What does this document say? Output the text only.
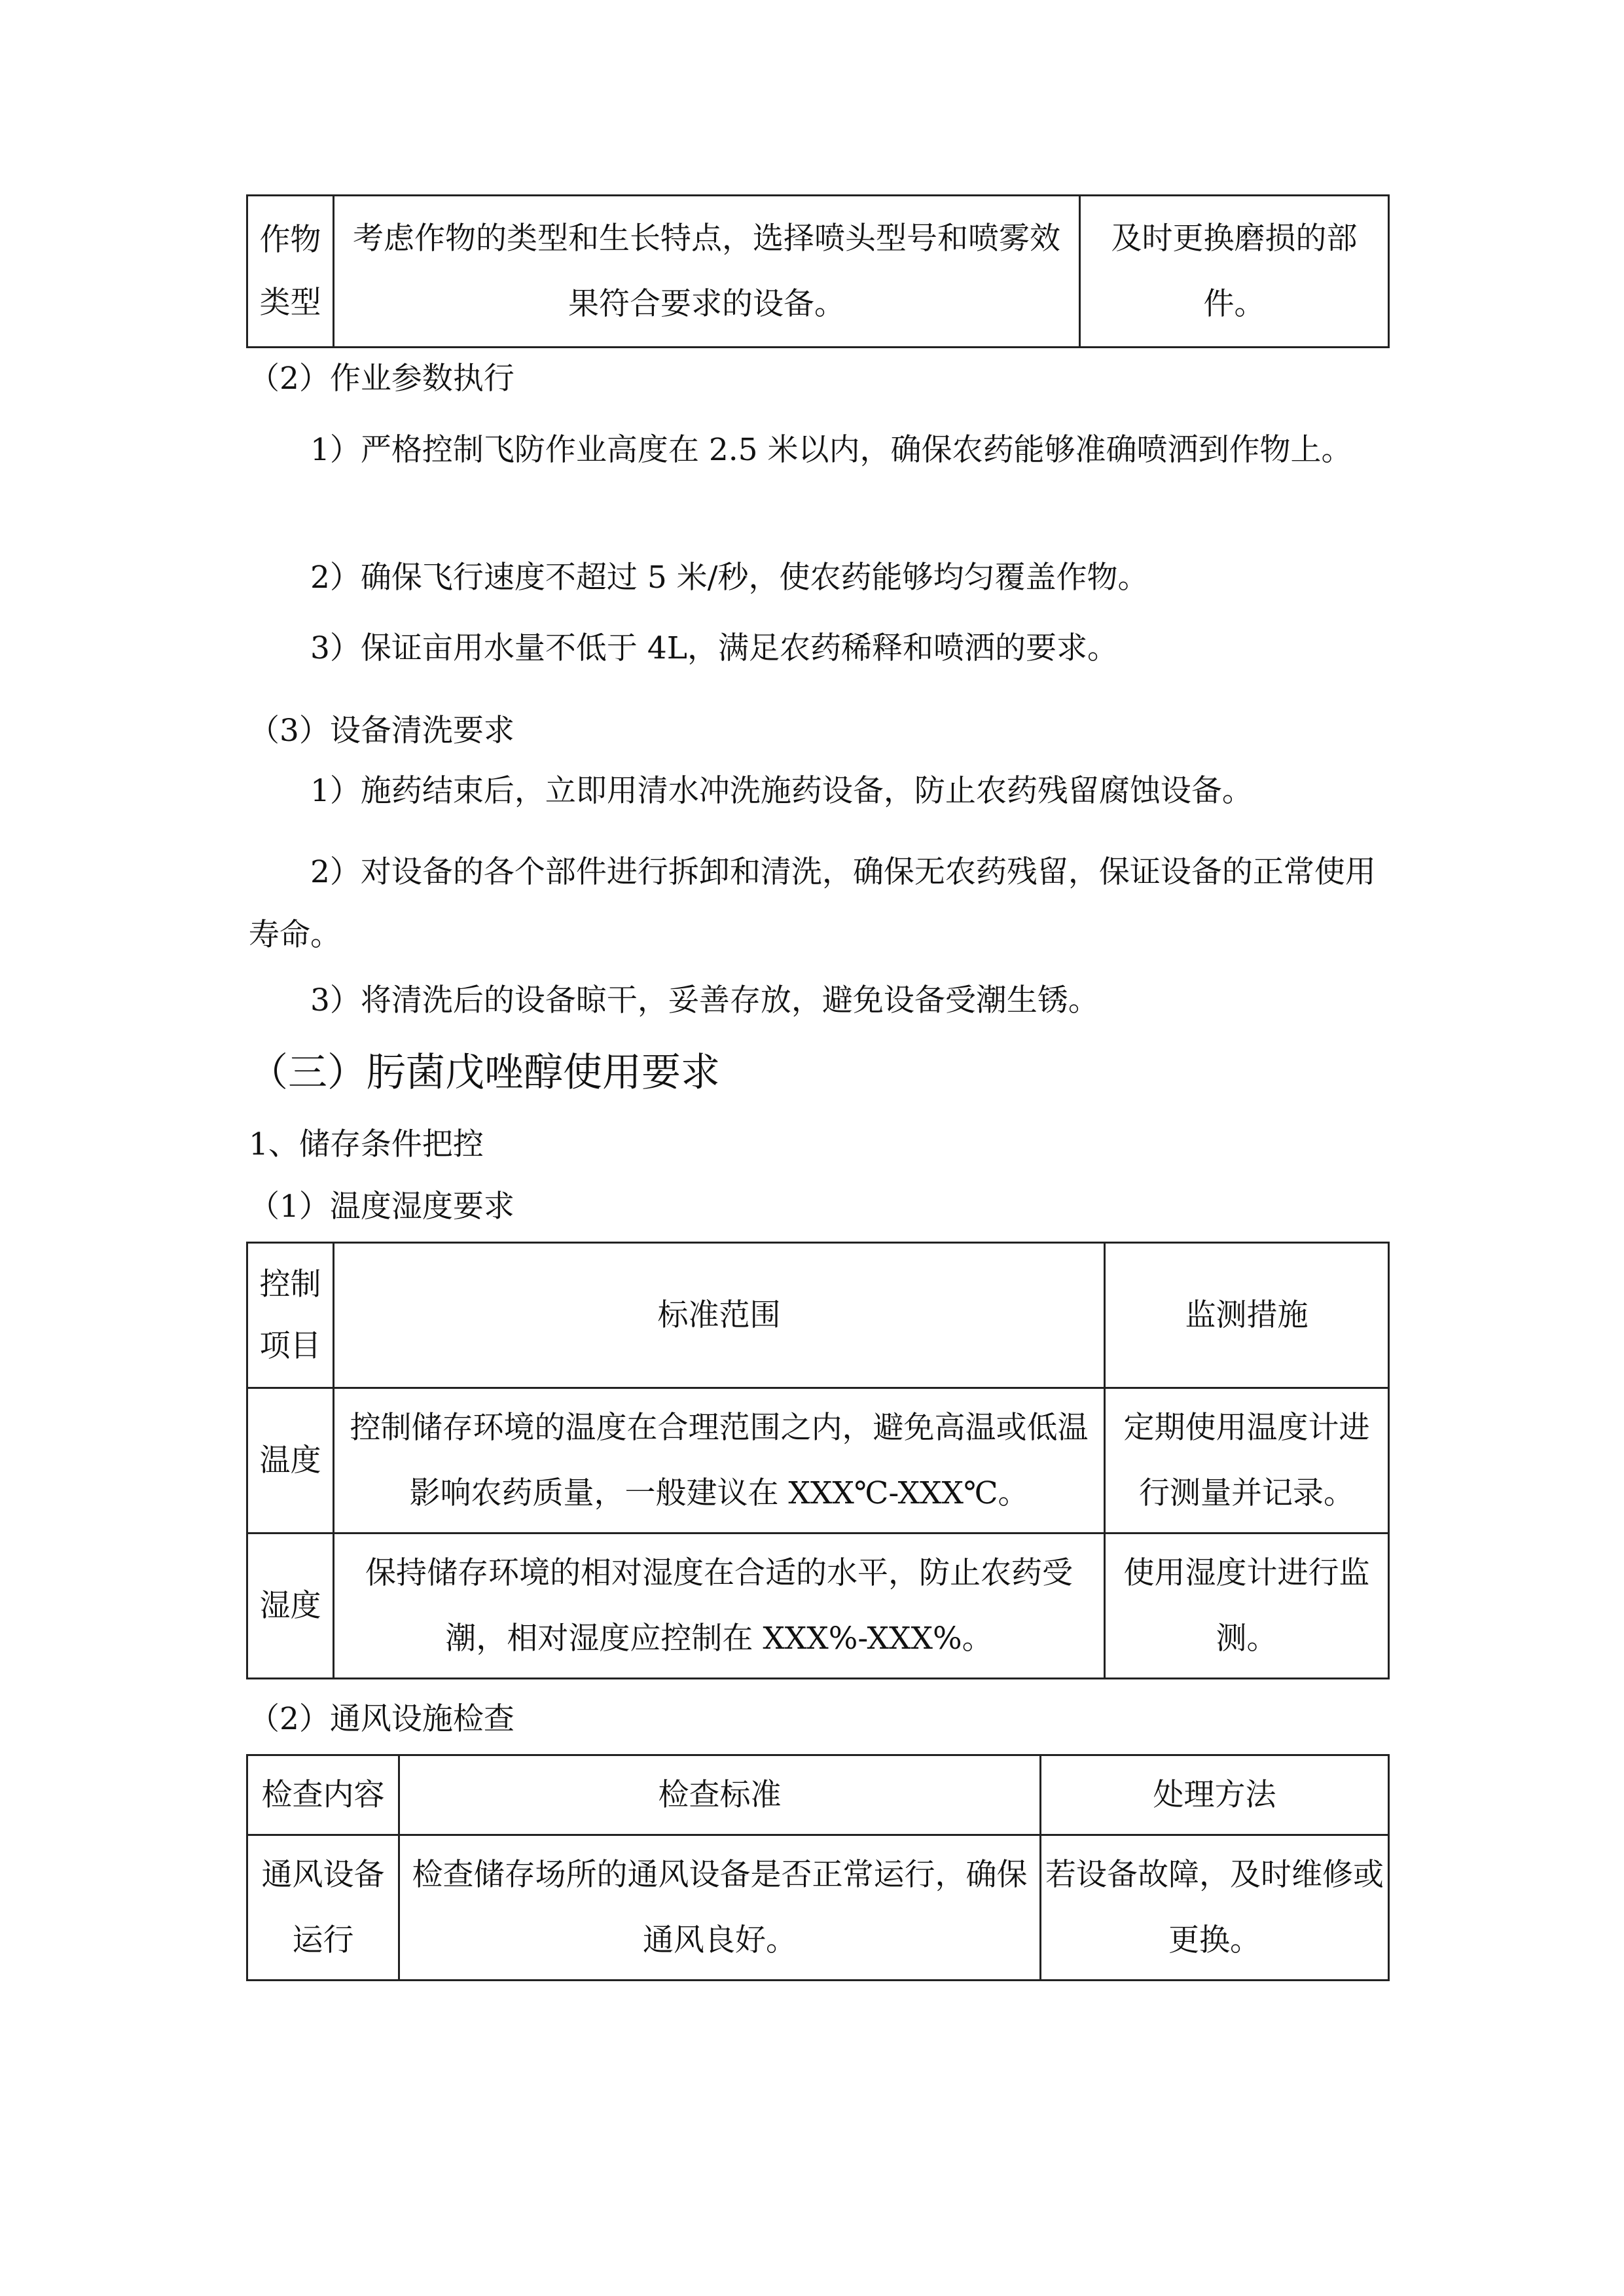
作物类型	考虑作物的类型和生长特点，选择喷头型号和喷雾效果符合要求的设备。	及时更换磨损的部件。
（2）作业参数执行
1）严格控制飞防作业高度在 2.5 米以内，确保农药能够准确喷洒到作物上。
2）确保飞行速度不超过 5 米/秒，使农药能够均匀覆盖作物。
3）保证亩用水量不低于 4L，满足农药稀释和喷洒的要求。
（3）设备清洗要求
1）施药结束后，立即用清水冲洗施药设备，防止农药残留腐蚀设备。
2）对设备的各个部件进行拆卸和清洗，确保无农药残留，保证设备的正常使用寿命。
3）将清洗后的设备晾干，妥善存放，避免设备受潮生锈。
（三）肟菌戊唑醇使用要求
1、储存条件把控
（1）温度湿度要求
控制项目	标准范围	监测措施
温度	控制储存环境的温度在合理范围之内，避免高温或低温影响农药质量，一般建议在 XXX℃-XXX℃。	定期使用温度计进行测量并记录。
湿度	保持储存环境的相对湿度在合适的水平，防止农药受潮，相对湿度应控制在 XXX%-XXX%。	使用湿度计进行监测。
（2）通风设施检查
检查内容	检查标准	处理方法
通风设备运行	检查储存场所的通风设备是否正常运行，确保通风良好。	若设备故障，及时维修或更换。
